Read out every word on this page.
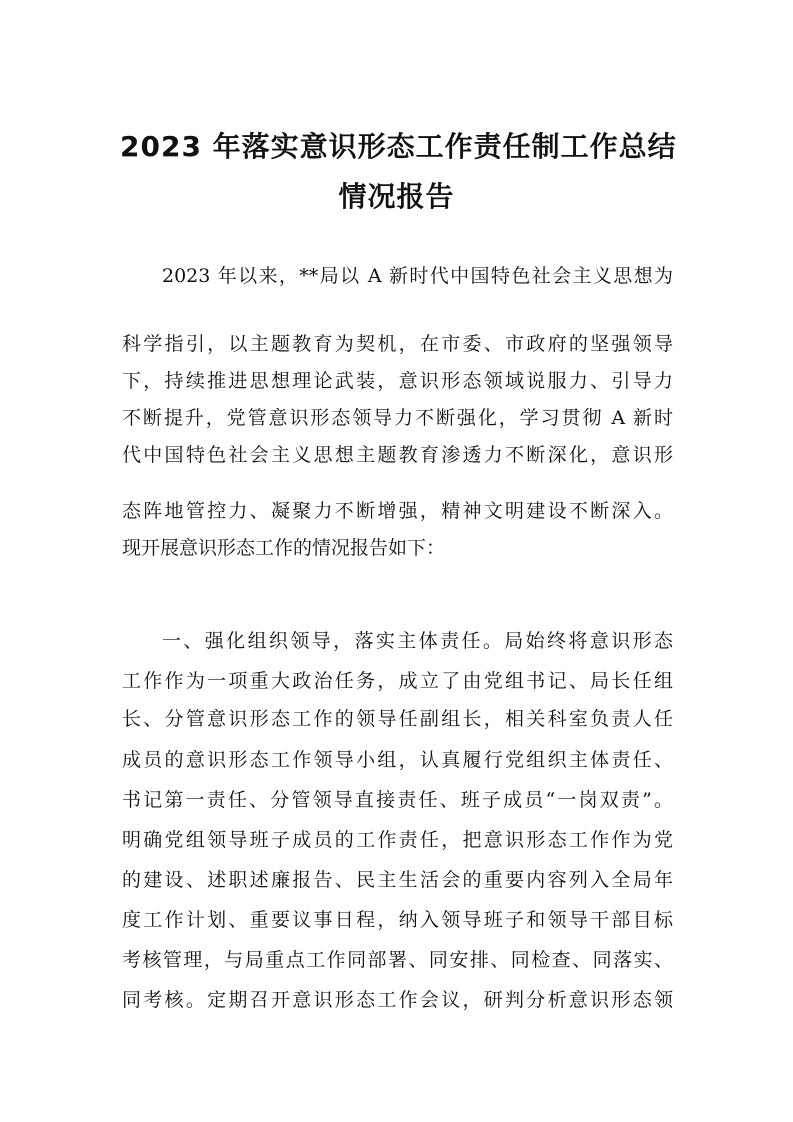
2023 年落实意识形态工作责任制工作总结
情况报告
2023 年以来，**局以 A 新时代中国特色社会主义思想为
科学指引，以主题教育为契机，在市委、市政府的坚强领导
下，持续推进思想理论武装，意识形态领域说服力、引导力
不断提升，党管意识形态领导力不断强化，学习贯彻 A 新时
代中国特色社会主义思想主题教育渗透力不断深化，意识形
态阵地管控力、凝聚力不断增强，精神文明建设不断深入。
现开展意识形态工作的情况报告如下：
一、强化组织领导，落实主体责任。局始终将意识形态
工作作为一项重大政治任务，成立了由党组书记、局长任组
长、分管意识形态工作的领导任副组长，相关科室负责人任
成员的意识形态工作领导小组，认真履行党组织主体责任、
书记第一责任、分管领导直接责任、班子成员“一岗双责”。
明确党组领导班子成员的工作责任，把意识形态工作作为党
的建设、述职述廉报告、民主生活会的重要内容列入全局年
度工作计划、重要议事日程，纳入领导班子和领导干部目标
考核管理，与局重点工作同部署、同安排、同检查、同落实、
同考核。定期召开意识形态工作会议，研判分析意识形态领
